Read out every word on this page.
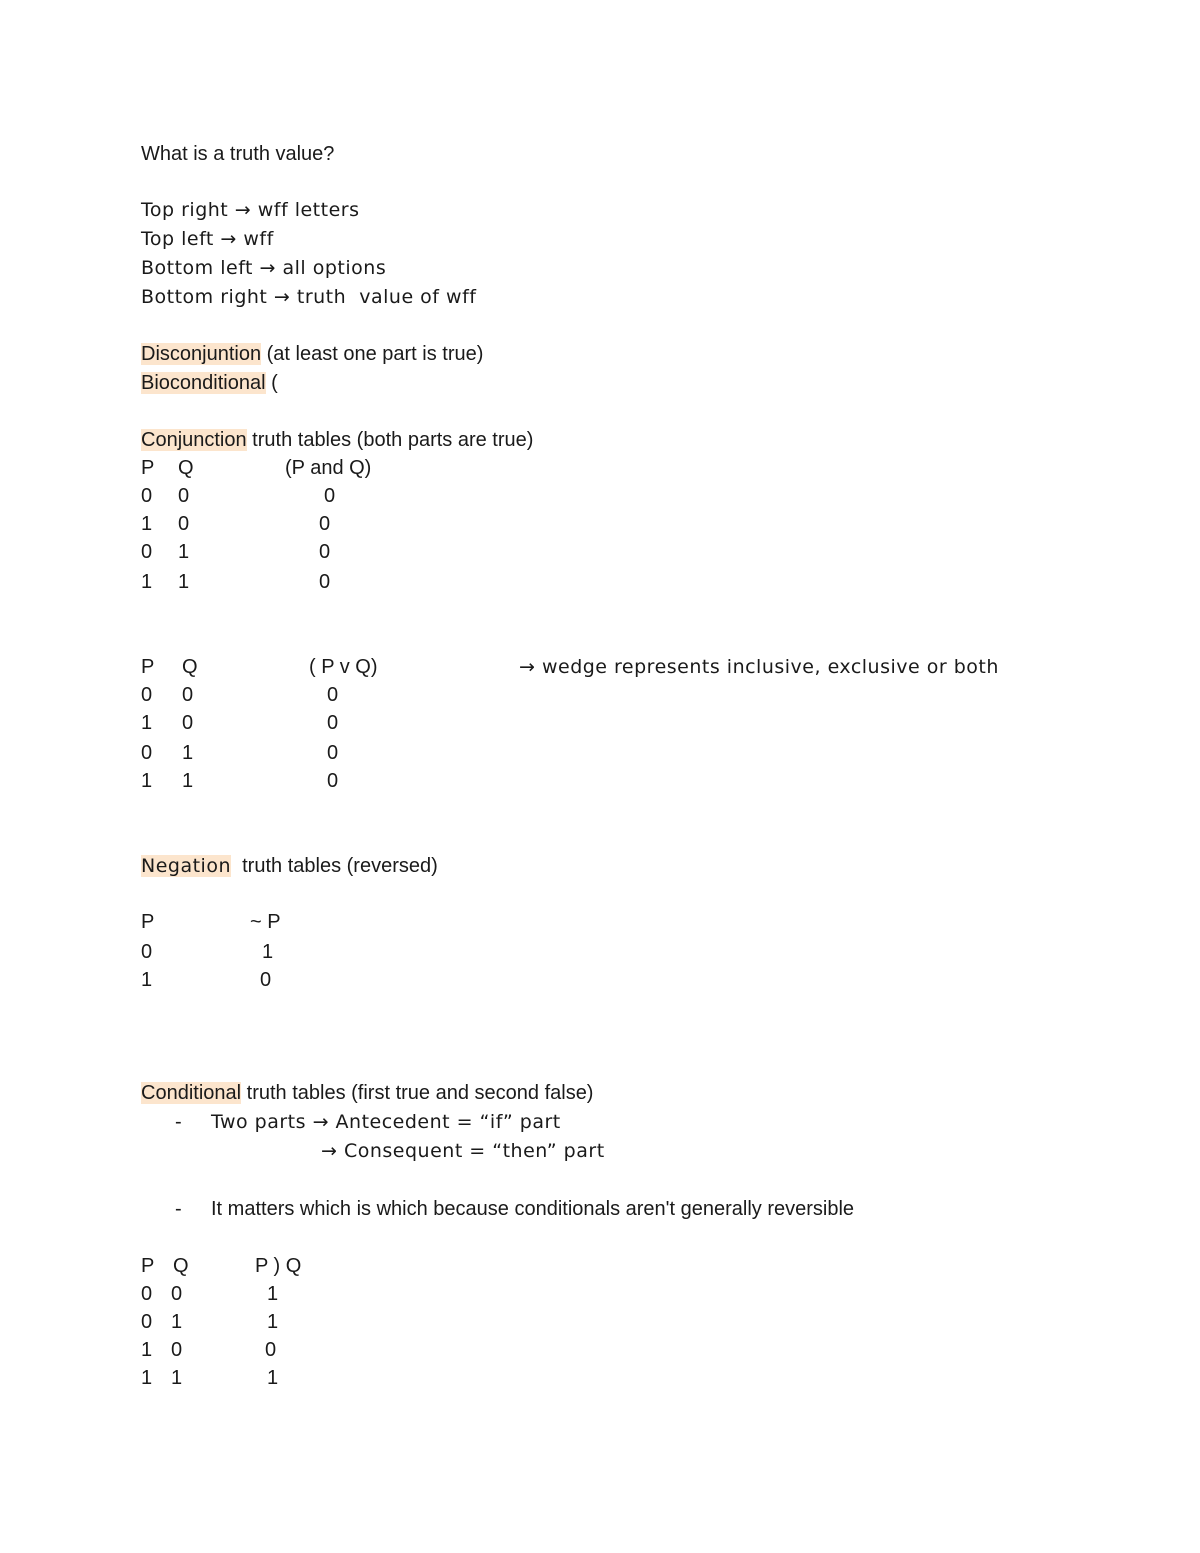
What is a truth value?
Top right → wff letters
Top left → wff
Bottom left → all options
Bottom right → truth  value of wff
Disconjuntion (at least one part is true)
Bioconditional (
Conjunction truth tables (both parts are true)
P Q	(P and Q)
0 0	0
1 0	0
0 1	0
1 1	0
P Q	( P v Q)	→ wedge represents inclusive, exclusive or both
0 0	0
1 0	0
0 1	0
1 1	0
Negation  truth tables (reversed)
P	~ P
0	1
1	0
Conditional truth tables (first true and second false)
- Two parts → Antecedent = “if” part
→ Consequent = “then” part
- It matters which is which because conditionals aren't generally reversible
P Q	P ) Q
0 0	1
0 1	1
1 0	0
1 1	1
